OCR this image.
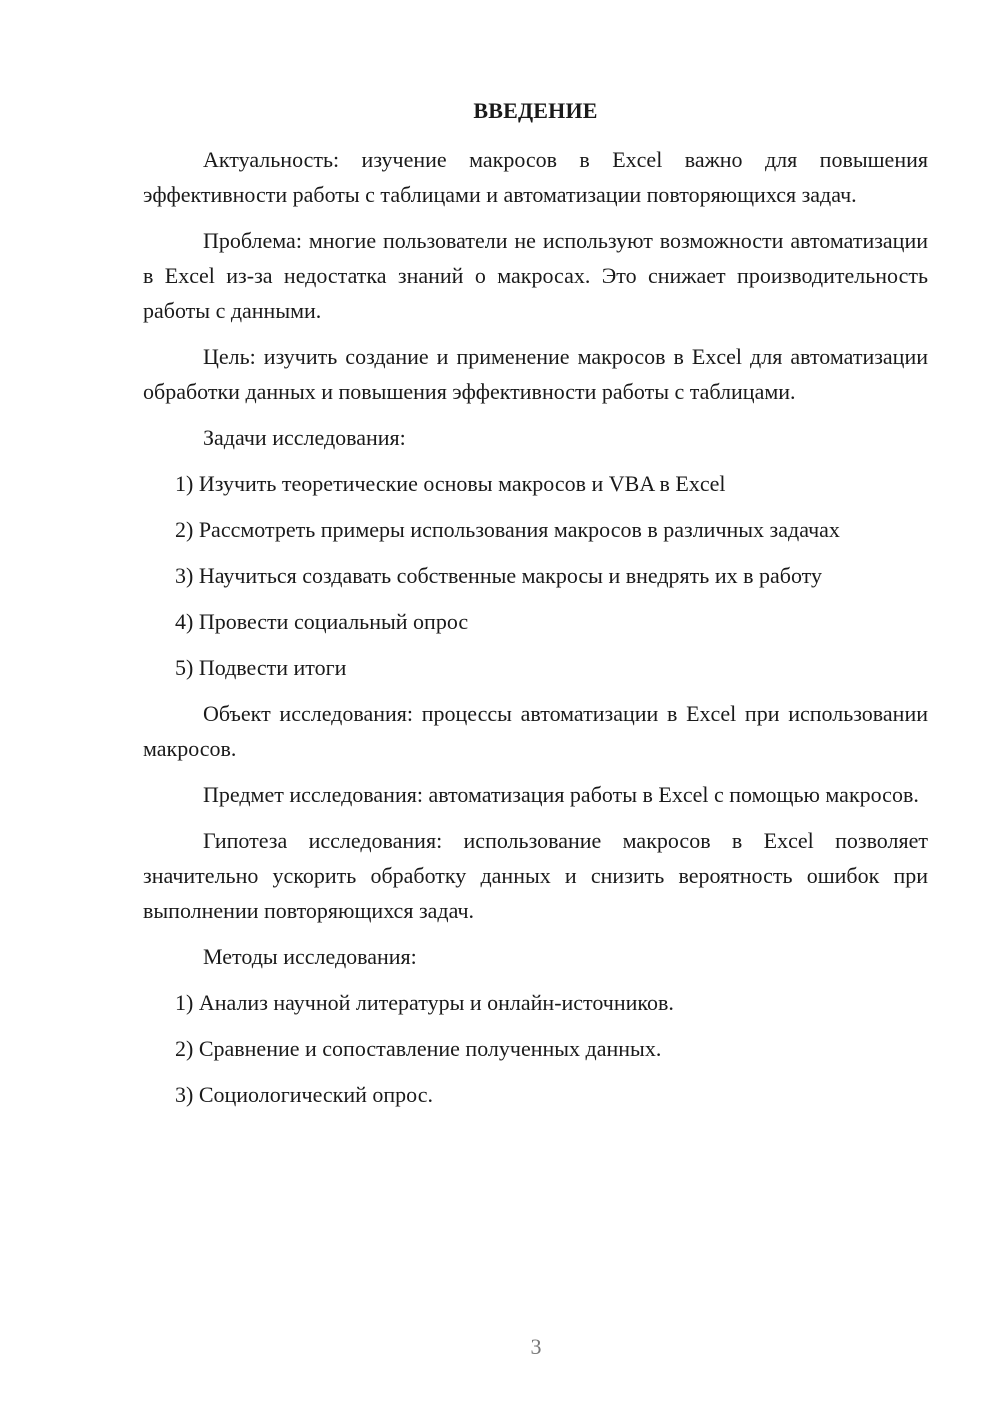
ВВЕДЕНИЕ

Актуальность: изучение макросов в Excel важно для повышения эффективности работы с таблицами и автоматизации повторяющихся задач.

Проблема: многие пользователи не используют возможности автоматизации в Excel из-за недостатка знаний о макросах. Это снижает производительность работы с данными.

Цель: изучить создание и применение макросов в Excel для автоматизации обработки данных и повышения эффективности работы с таблицами.

Задачи исследования:

1) Изучить теоретические основы макросов и VBA в Excel

2) Рассмотреть примеры использования макросов в различных задачах

3) Научиться создавать собственные макросы и внедрять их в работу

4) Провести социальный опрос

5) Подвести итоги

Объект исследования: процессы автоматизации в Excel при использовании макросов.

Предмет исследования: автоматизация работы в Excel с помощью макросов.

Гипотеза исследования: использование макросов в Excel позволяет значительно ускорить обработку данных и снизить вероятность ошибок при выполнении повторяющихся задач.

Методы исследования:

1) Анализ научной литературы и онлайн-источников.

2) Сравнение и сопоставление полученных данных.

3) Социологический опрос.

3
